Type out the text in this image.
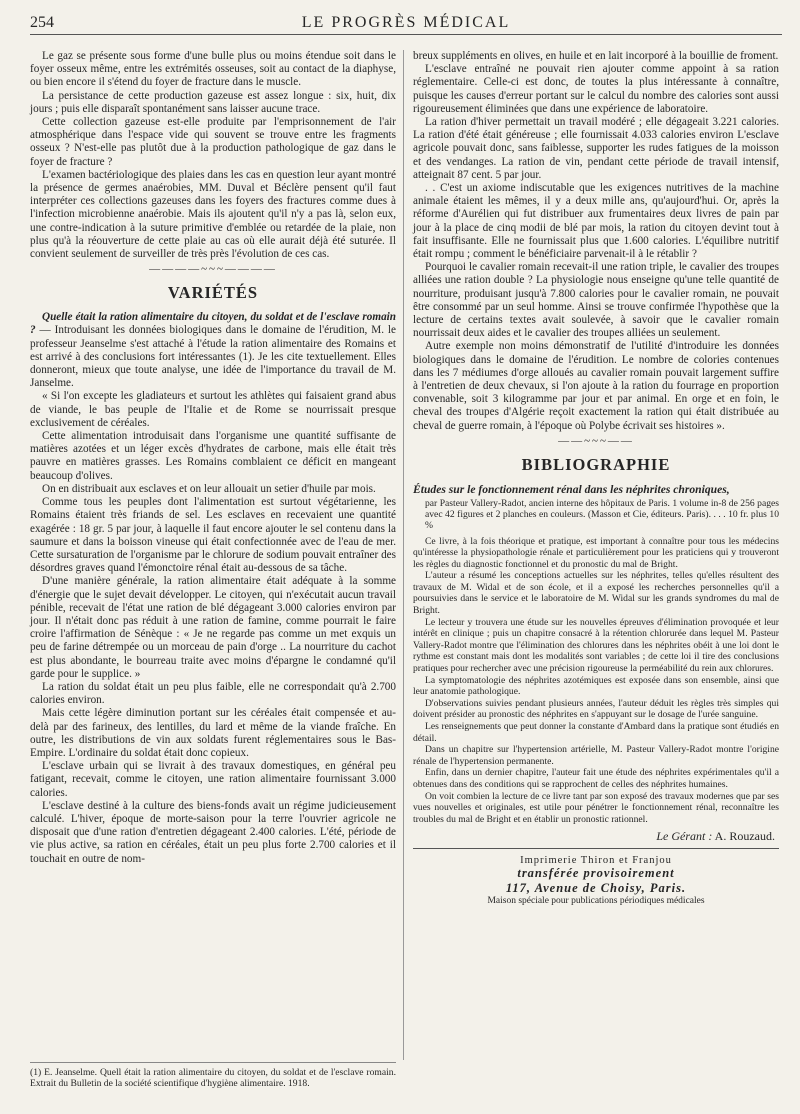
254	LE PROGRÈS MÉDICAL

Le gaz se présente sous forme d'une bulle plus ou moins étendue soit dans le foyer osseux même, entre les extrémités osseuses, soit au contact de la diaphyse, ou bien encore il s'étend du foyer de fracture dans le muscle.

La persistance de cette production gazeuse est assez longue : six, huit, dix jours ; puis elle disparaît spontanément sans laisser aucune trace.

Cette collection gazeuse est-elle produite par l'emprisonnement de l'air atmosphérique dans l'espace vide qui souvent se trouve entre les fragments osseux ? N'est-elle pas plutôt due à la production pathologique de gaz dans le foyer de fracture ?

L'examen bactériologique des plaies dans les cas en question leur ayant montré la présence de germes anaérobies, MM. Duval et Béclère pensent qu'il faut interpréter ces collections gazeuses dans les foyers des fractures comme dues à l'infection microbienne anaérobie. Mais ils ajoutent qu'il n'y a pas là, selon eux, une contre-indication à la suture primitive d'emblée ou retardée de la plaie, non plus qu'à la réouverture de cette plaie au cas où elle aurait déjà été suturée. Il convient seulement de surveiller de très près l'évolution de ces cas.

————~~~————
VARIÉTÉS

Quelle était la ration alimentaire du citoyen, du soldat et de l'esclave romain ? — Introduisant les données biologiques dans le domaine de l'érudition, M. le professeur Jeanselme s'est attaché à l'étude la ration alimentaire des Romains et est arrivé à des conclusions fort intéressantes (1). Je les cite textuellement. Elles donneront, mieux que toute analyse, une idée de l'importance du travail de M. Janselme.

« Si l'on excepte les gladiateurs et surtout les athlètes qui faisaient grand abus de viande, le bas peuple de l'Italie et de Rome se nourrissait presque exclusivement de céréales.

Cette alimentation introduisait dans l'organisme une quantité suffisante de matières azotées et un léger excès d'hydrates de carbone, mais elle était très pauvre en matières grasses. Les Romains comblaient ce déficit en mangeant beaucoup d'olives.

On en distribuait aux esclaves et on leur allouait un setier d'huile par mois.

Comme tous les peuples dont l'alimentation est surtout végétarienne, les Romains étaient très friands de sel. Les esclaves en recevaient une quantité exagérée : 18 gr. 5 par jour, à laquelle il faut encore ajouter le sel contenu dans la saumure et dans la boisson vineuse qui était confectionnée avec de l'eau de mer. Cette sursaturation de l'organisme par le chlorure de sodium pouvait entraîner des désordres graves quand l'émonctoire rénal était au-dessous de sa tâche.

D'une manière générale, la ration alimentaire était adéquate à la somme d'énergie que le sujet devait développer. Le citoyen, qui n'exécutait aucun travail pénible, recevait de l'état une ration de blé dégageant 3.000 calories environ par jour. Il n'était donc pas réduit à une ration de famine, comme pourrait le faire croire l'affirmation de Sénèque : « Je ne regarde pas comme un met exquis un peu de farine détrempée ou un morceau de pain d'orge .. La nourriture du cachot est plus abondante, le bourreau traite avec moins d'épargne le condamné qu'il garde pour le supplice. »

La ration du soldat était un peu plus faible, elle ne correspondait qu'à 2.700 calories environ.

Mais cette légère diminution portant sur les céréales était compensée et au-delà par des farineux, des lentilles, du lard et même de la viande fraîche. En outre, les distributions de vin aux soldats furent réglementaires sous le Bas-Empire. L'ordinaire du soldat était donc copieux.

L'esclave urbain qui se livrait à des travaux domestiques, en général peu fatigant, recevait, comme le citoyen, une ration alimentaire fournissant 3.000 calories.

L'esclave destiné à la culture des biens-fonds avait un régime judicieusement calculé. L'hiver, époque de morte-saison pour la terre l'ouvrier agricole ne disposait que d'une ration d'entretien dégageant 2.400 calories. L'été, période de vie plus active, sa ration en céréales, était un peu plus forte 2.700 calories et il touchait en outre de nom-

breux suppléments en olives, en huile et en lait incorporé à la bouillie de froment.

L'esclave entraîné ne pouvait rien ajouter comme appoint à sa ration réglementaire. Celle-ci est donc, de toutes la plus intéressante à connaître, puisque les causes d'erreur portant sur le calcul du nombre des calories sont aussi rigoureusement éliminées que dans une expérience de laboratoire.

La ration d'hiver permettait un travail modéré ; elle dégageait 3.221 calories. La ration d'été était généreuse ; elle fournissait 4.033 calories environ L'esclave agricole pouvait donc, sans faiblesse, supporter les rudes fatigues de la moisson et des vendanges. La ration de vin, pendant cette période de travail intensif, atteignait 87 cent. 5 par jour.

. . C'est un axiome indiscutable que les exigences nutritives de la machine animale étaient les mêmes, il y a deux mille ans, qu'aujourd'hui. Or, après la réforme d'Aurélien qui fut distribuer aux frumentaires deux livres de pain par jour à la place de cinq modii de blé par mois, la ration du citoyen devint tout à fait insuffisante. Elle ne fournissait plus que 1.600 calories. L'équilibre nutritif était rompu ; comment le bénéficiaire parvenait-il à le rétablir ?

Pourquoi le cavalier romain recevait-il une ration triple, le cavalier des troupes alliées une ration double ? La physiologie nous enseigne qu'une telle quantité de nourriture, produisant jusqu'à 7.800 calories pour le cavalier romain, ne pouvait être consommé par un seul homme. Ainsi se trouve confirmée l'hypothèse que la lecture de certains textes avait soulevée, à savoir que le cavalier romain nourrissait deux aides et le cavalier des troupes alliées un seulement.

Autre exemple non moins démonstratif de l'utilité d'introduire les données biologiques dans le domaine de l'érudition. Le nombre de colories contenues dans les 7 médiumes d'orge alloués au cavalier romain pouvait largement suffire à l'entretien de deux chevaux, si l'on ajoute à la ration du fourrage en proportion convenable, soit 3 kilogramme par jour et par animal. En orge et en foin, le cheval des troupes d'Algérie reçoit exactement la ration qui était distribuée au cheval de guerre romain, à l'époque où Polybe écrivait ses histoires ».

——~~~——
BIBLIOGRAPHIE
Études sur le fonctionnement rénal dans les néphrites chroniques,
par Pasteur Vallery-Radot, ancien interne des hôpitaux de Paris. 1 volume in-8 de 256 pages avec 42 figures et 2 planches en couleurs. (Masson et Cie, éditeurs. Paris). . . . 10 fr. plus 10 %

Ce livre, à la fois théorique et pratique, est important à connaître pour tous les médecins qu'intéresse la physiopathologie rénale et particulièrement pour les praticiens qui y trouveront les règles du diagnostic fonctionnel et du pronostic du mal de Bright.

L'auteur a résumé les conceptions actuelles sur les néphrites, telles qu'elles résultent des travaux de M. Widal et de son école, et il a exposé les recherches personnelles qu'il a poursuivies dans le service et le laboratoire de M. Widal sur les grands syndromes du mal de Bright.

Le lecteur y trouvera une étude sur les nouvelles épreuves d'élimination provoquée et leur intérêt en clinique ; puis un chapitre consacré à la rétention chlorurée dans lequel M. Pasteur Vallery-Radot montre que l'élimination des chlorures dans les néphrites obéit à une loi dont le rythme est constant mais dont les modalités sont variables ; de cette loi il tire des conclusions pratiques pour rechercher avec une précision rigoureuse la perméabilité du rein aux chlorures.

La symptomatologie des néphrites azotémiques est exposée dans son ensemble, ainsi que leur anatomie pathologique.

D'observations suivies pendant plusieurs années, l'auteur déduit les règles très simples qui doivent présider au pronostic des néphrites en s'appuyant sur le dosage de l'urée sanguine.

Les renseignements que peut donner la constante d'Ambard dans la pratique sont étudiés en détail.

Dans un chapitre sur l'hypertension artérielle, M. Pasteur Vallery-Radot montre l'origine rénale de l'hypertension permanente.

Enfin, dans un dernier chapitre, l'auteur fait une étude des néphrites expérimentales qu'il a obtenues dans des conditions qui se rapprochent de celles des néphrites humaines.

On voit combien la lecture de ce livre tant par son exposé des travaux modernes que par ses vues nouvelles et originales, est utile pour pénétrer le fonctionnement rénal, reconnaître les troubles du mal de Bright et en établir un pronostic rationnel.

Le Gérant : A. Rouzaud.
Imprimerie Thiron et Franjou
transférée provisoirement
117, Avenue de Choisy, Paris.
Maison spéciale pour publications périodiques médicales

(1) E. Jeanselme. Quell était la ration alimentaire du citoyen, du soldat et de l'esclave romain. Extrait du Bulletin de la société scientifique d'hygiène alimentaire. 1918.
